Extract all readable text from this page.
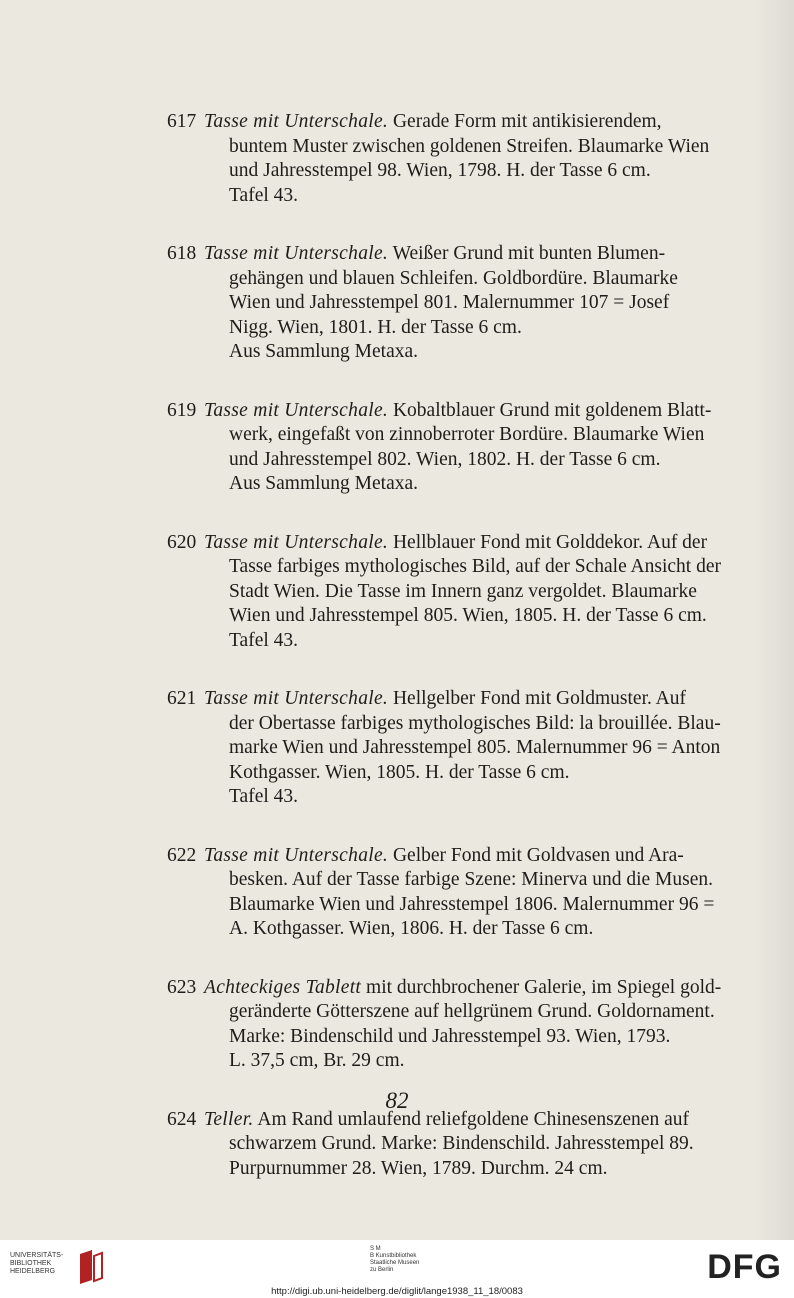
617 Tasse mit Unterschale. Gerade Form mit antikisierendem,
buntem Muster zwischen goldenen Streifen. Blaumarke Wien
und Jahresstempel 98. Wien, 1798. H. der Tasse 6 cm.
Tafel 43.
618 Tasse mit Unterschale. Weißer Grund mit bunten Blumen-
gehängen und blauen Schleifen. Goldbordüre. Blaumarke
Wien und Jahresstempel 801. Malernummer 107 = Josef
Nigg. Wien, 1801. H. der Tasse 6 cm.
Aus Sammlung Metaxa.
619 Tasse mit Unterschale. Kobaltblauer Grund mit goldenem Blatt-
werk, eingefaßt von zinnoberroter Bordüre. Blaumarke Wien
und Jahresstempel 802. Wien, 1802. H. der Tasse 6 cm.
Aus Sammlung Metaxa.
620 Tasse mit Unterschale. Hellblauer Fond mit Golddekor. Auf der
Tasse farbiges mythologisches Bild, auf der Schale Ansicht der
Stadt Wien. Die Tasse im Innern ganz vergoldet. Blaumarke
Wien und Jahresstempel 805. Wien, 1805. H. der Tasse 6 cm.
Tafel 43.
621 Tasse mit Unterschale. Hellgelber Fond mit Goldmuster. Auf
der Obertasse farbiges mythologisches Bild: la brouillée. Blau-
marke Wien und Jahresstempel 805. Malernummer 96 = Anton
Kothgasser. Wien, 1805. H. der Tasse 6 cm.
Tafel 43.
622 Tasse mit Unterschale. Gelber Fond mit Goldvasen und Ara-
besken. Auf der Tasse farbige Szene: Minerva und die Musen.
Blaumarke Wien und Jahresstempel 1806. Malernummer 96 =
A. Kothgasser. Wien, 1806. H. der Tasse 6 cm.
623 Achteckiges Tablett mit durchbrochener Galerie, im Spiegel gold-
geränderte Götterszene auf hellgrünem Grund. Goldornament.
Marke: Bindenschild und Jahresstempel 93. Wien, 1793.
L. 37,5 cm, Br. 29 cm.
624 Teller. Am Rand umlaufend reliefgoldene Chinesenszenen auf
schwarzem Grund. Marke: Bindenschild. Jahresstempel 89.
Purpurnummer 28. Wien, 1789. Durchm. 24 cm.
82
UNIVERSITÄTS-
BIBLIOTHEK
HEIDELBERG
S M
B Kunstbibliothek
Staatliche Museen
zu Berlin	DFG
http://digi.ub.uni-heidelberg.de/diglit/lange1938_11_18/0083
